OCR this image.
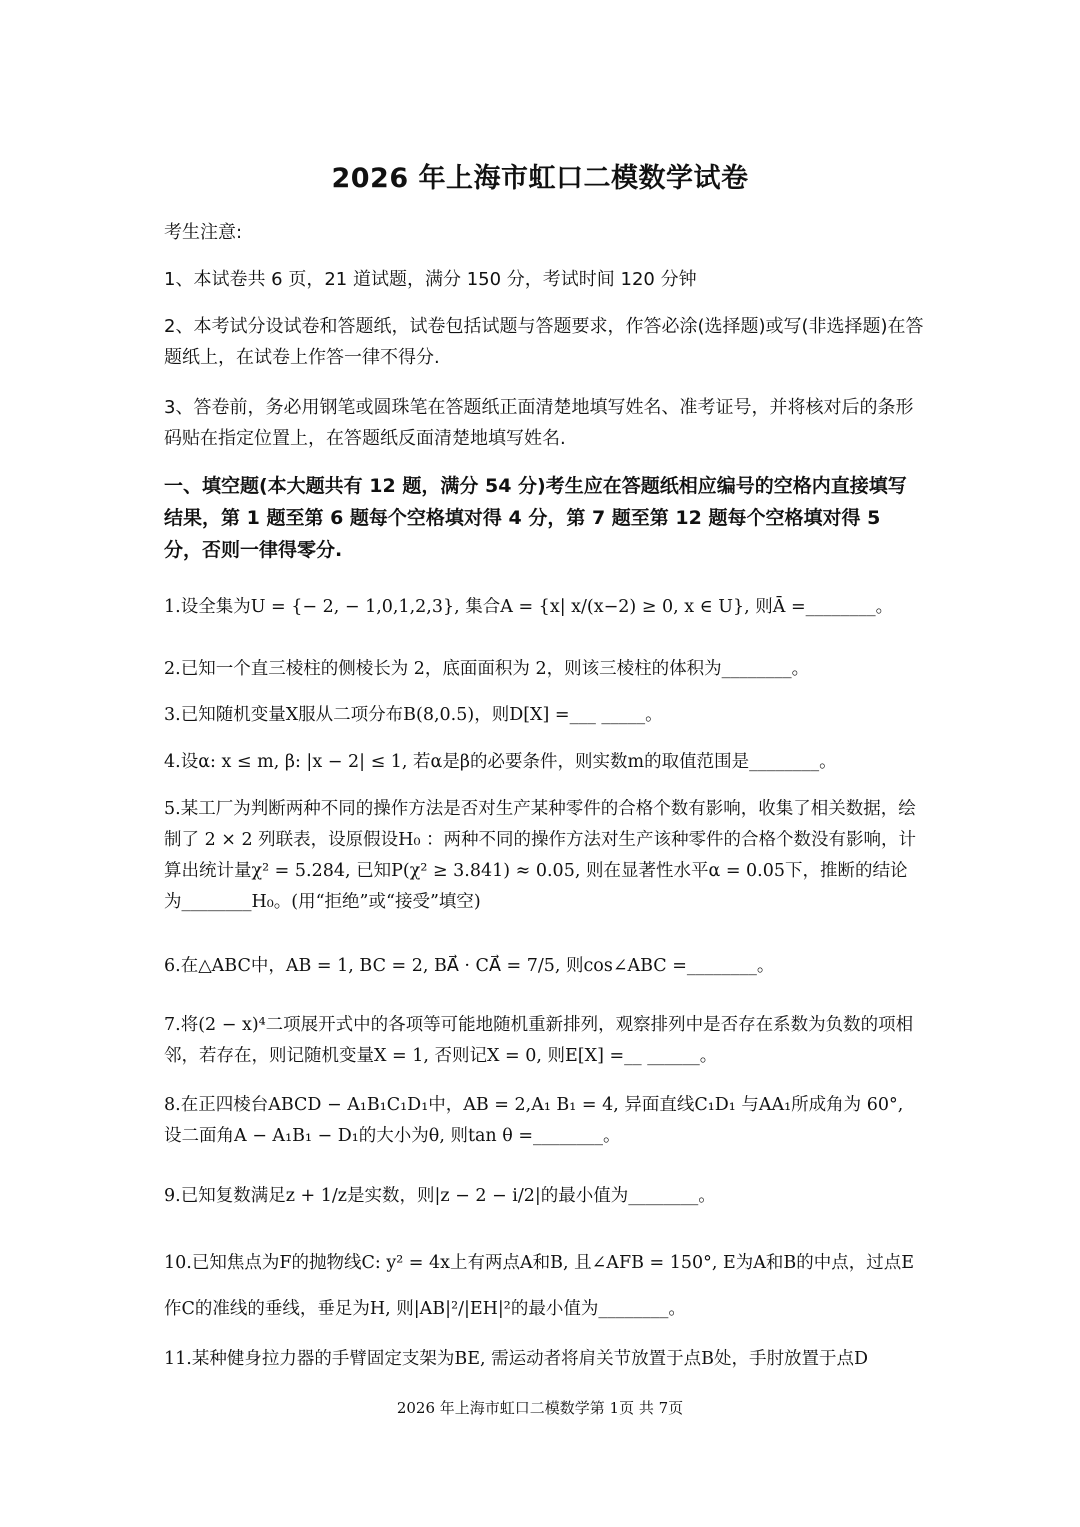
2026 年上海市虹口二模数学试卷
考生注意:
1、本试卷共 6 页，21 道试题，满分 150 分，考试时间 120 分钟
2、本考试分设试卷和答题纸，试卷包括试题与答题要求，作答必涂(选择题)或写(非选择题)在答题纸上，在试卷上作答一律不得分.
3、答卷前，务必用钢笔或圆珠笔在答题纸正面清楚地填写姓名、准考证号，并将核对后的条形码贴在指定位置上，在答题纸反面清楚地填写姓名.
一、填空题(本大题共有 12 题，满分 54 分)考生应在答题纸相应编号的空格内直接填写结果，第 1 题至第 6 题每个空格填对得 4 分，第 7 题至第 12 题每个空格填对得 5 分，否则一律得零分.
1.设全集为U = {− 2, − 1,0,1,2,3}, 集合A = {x| x/(x−2) ≥ 0, x ∈ U}, 则Ā =________。
2.已知一个直三棱柱的侧棱长为 2，底面面积为 2，则该三棱柱的体积为________。
3.已知随机变量X服从二项分布B(8,0.5)，则D[X] =___ _____。
4.设α: x ≤ m, β: |x − 2| ≤ 1, 若α是β的必要条件，则实数m的取值范围是________。
5.某工厂为判断两种不同的操作方法是否对生产某种零件的合格个数有影响，收集了相关数据，绘制了 2 × 2 列联表，设原假设H₀ ：两种不同的操作方法对生产该种零件的合格个数没有影响，计算出统计量χ² = 5.284, 已知P(χ² ≥ 3.841) ≈ 0.05, 则在显著性水平α = 0.05下，推断的结论为________H₀。(用“拒绝”或“接受”填空)
6.在△ABC中，AB = 1, BC = 2, BA⃗ · CA⃗ = 7/5, 则cos∠ABC =________。
7.将(2 − x)⁴二项展开式中的各项等可能地随机重新排列，观察排列中是否存在系数为负数的项相邻，若存在，则记随机变量X = 1, 否则记X = 0, 则E[X] =__ ______。
8.在正四棱台ABCD − A₁B₁C₁D₁中，AB = 2,A₁ B₁ = 4, 异面直线C₁D₁ 与AA₁所成角为 60°, 设二面角A − A₁B₁ − D₁的大小为θ, 则tan θ =________。
9.已知复数满足z + 1/z是实数，则|z − 2 − i/2|的最小值为________。
10.已知焦点为F的抛物线C: y² = 4x上有两点A和B, 且∠AFB = 150°, E为A和B的中点，过点E作C的准线的垂线，垂足为H, 则|AB|²/|EH|²的最小值为________。
11.某种健身拉力器的手臂固定支架为BE, 需运动者将肩关节放置于点B处，手肘放置于点D
2026 年上海市虹口二模数学第 1页 共 7页
